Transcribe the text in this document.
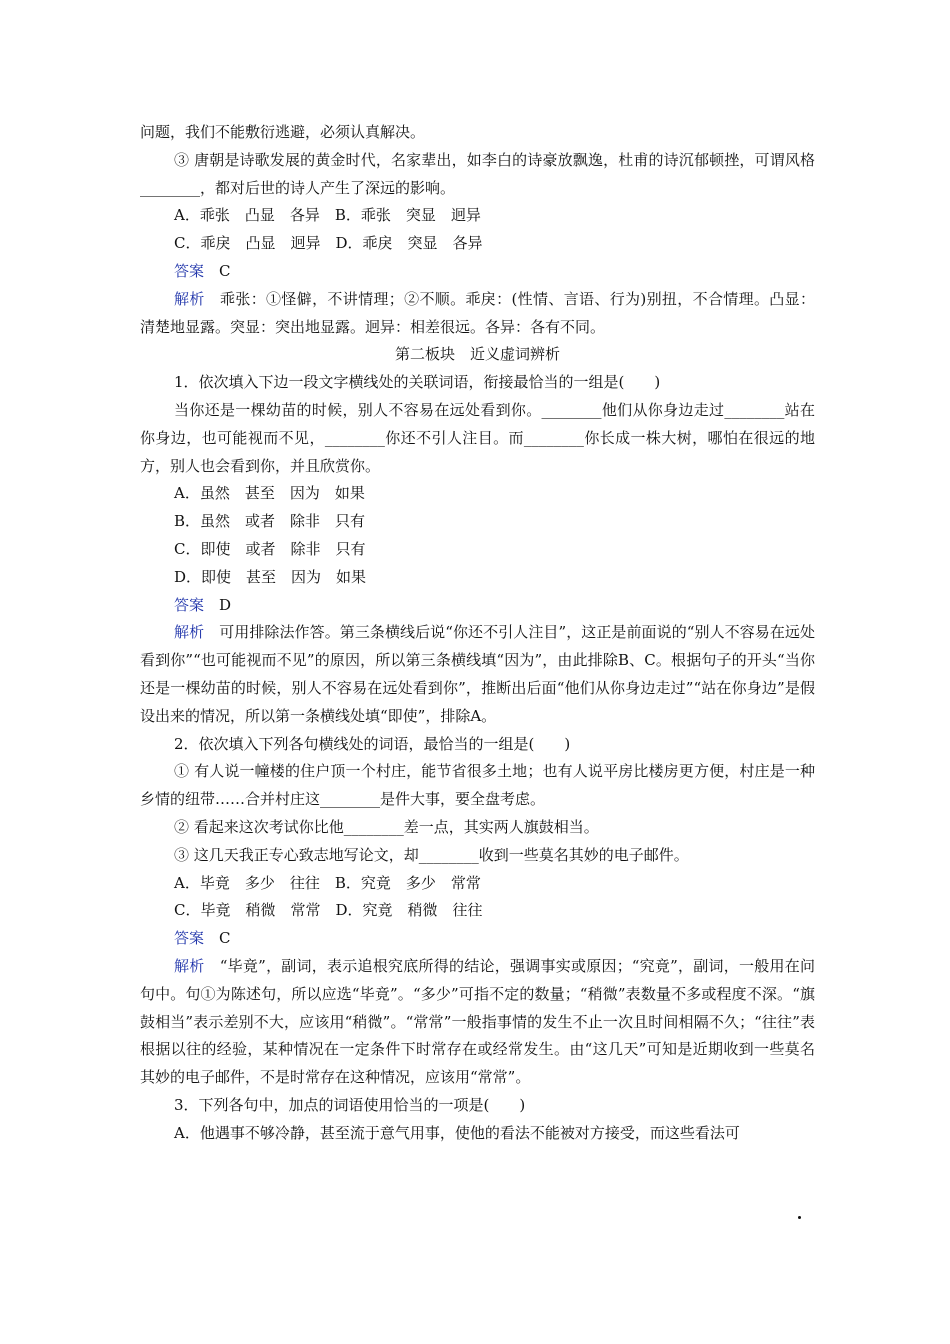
问题，我们不能敷衍逃避，必须认真解决。

③ 唐朝是诗歌发展的黄金时代，名家辈出，如李白的诗豪放飘逸，杜甫的诗沉郁顿挫，可谓风格________，都对后世的诗人产生了深远的影响。

A．乖张　凸显　各异　B．乖张　突显　迥异

C．乖戾　凸显　迥异　D．乖戾　突显　各异

答案　C

解析　乖张：①怪僻，不讲情理；②不顺。乖戾：(性情、言语、行为)别扭，不合情理。凸显：清楚地显露。突显：突出地显露。迥异：相差很远。各异：各有不同。

第二板块　近义虚词辨析

1．依次填入下边一段文字横线处的关联词语，衔接最恰当的一组是(　　)

当你还是一棵幼苗的时候，别人不容易在远处看到你。________他们从你身边走过________站在你身边，也可能视而不见，________你还不引人注目。而________你长成一株大树，哪怕在很远的地方，别人也会看到你，并且欣赏你。

A．虽然　甚至　因为　如果

B．虽然　或者　除非　只有

C．即使　或者　除非　只有

D．即使　甚至　因为　如果

答案　D

解析　可用排除法作答。第三条横线后说“你还不引人注目”，这正是前面说的“别人不容易在远处看到你”“也可能视而不见”的原因，所以第三条横线填“因为”，由此排除B、C。根据句子的开头“当你还是一棵幼苗的时候，别人不容易在远处看到你”，推断出后面“他们从你身边走过”“站在你身边”是假设出来的情况，所以第一条横线处填“即使”，排除A。

2．依次填入下列各句横线处的词语，最恰当的一组是(　　)

① 有人说一幢楼的住户顶一个村庄，能节省很多土地；也有人说平房比楼房更方便，村庄是一种乡情的纽带……合并村庄这________是件大事，要全盘考虑。

② 看起来这次考试你比他________差一点，其实两人旗鼓相当。

③ 这几天我正专心致志地写论文，却________收到一些莫名其妙的电子邮件。

A．毕竟　多少　往往　B．究竟　多少　常常

C．毕竟　稍微　常常　D．究竟　稍微　往往

答案　C

解析　“毕竟”，副词，表示追根究底所得的结论，强调事实或原因；“究竟”，副词，一般用在问句中。句①为陈述句，所以应选“毕竟”。“多少”可指不定的数量；“稍微”表数量不多或程度不深。“旗鼓相当”表示差别不大，应该用“稍微”。“常常”一般指事情的发生不止一次且时间相隔不久；“往往”表根据以往的经验，某种情况在一定条件下时常存在或经常发生。由“这几天”可知是近期收到一些莫名其妙的电子邮件，不是时常存在这种情况，应该用“常常”。

3．下列各句中，加点的词语使用恰当的一项是(　　)

A．他遇事不够冷静，甚至流于意气用事，使他的看法不能被对方接受，而这些看法可
